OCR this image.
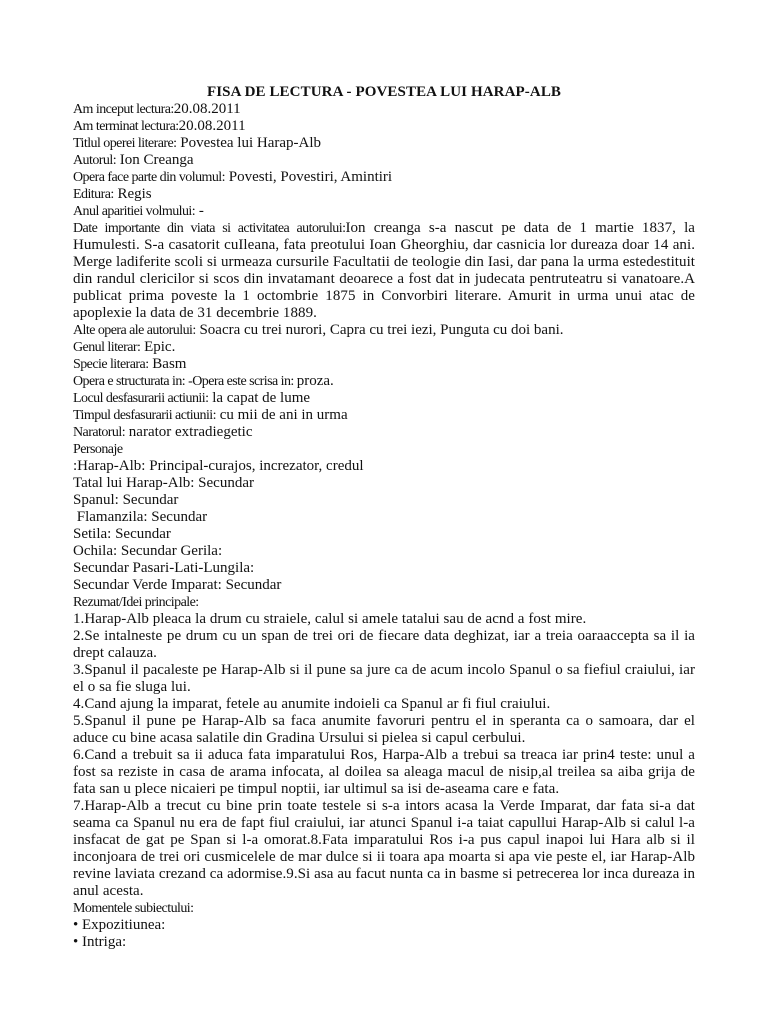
FISA DE LECTURA - POVESTEA LUI HARAP-ALB

Am inceput lectura:20.08.2011

Am terminat lectura:20.08.2011

Titlul operei literare: Povestea lui Harap-Alb

Autorul: Ion Creanga

Opera face parte din volumul: Povesti, Povestiri, Amintiri

Editura: Regis

Anul aparitiei volmului: -

Date importante din viata si activitatea autorului:Ion creanga s-a nascut pe data de 1 martie 1837, la Humulesti. S-a casatorit cuIleana, fata preotului Ioan Gheorghiu, dar casnicia lor dureaza doar 14 ani. Merge ladiferite scoli si urmeaza cursurile Facultatii de teologie din Iasi, dar pana la urma estedestituit din randul clericilor si scos din invatamant deoarece a fost dat in judecata pentruteatru si vanatoare.A publicat prima poveste la 1 octombrie 1875 in Convorbiri literare. Amurit in urma unui atac de apoplexie la data de 31 decembrie 1889.

Alte opera ale autorului: Soacra cu trei nurori, Capra cu trei iezi, Punguta cu doi bani.

Genul literar: Epic.

Specie literara: Basm

Opera e structurata in: -Opera este scrisa in: proza.

Locul desfasurarii actiunii: la capat de lume

Timpul desfasurarii actiunii: cu mii de ani in urma

Naratorul: narator extradiegetic

Personaje

:Harap-Alb: Principal-curajos, increzator, credul

Tatal lui Harap-Alb: Secundar

Spanul: Secundar

Flamanzila: Secundar

Setila: Secundar

Ochila: Secundar Gerila:

Secundar Pasari-Lati-Lungila:

Secundar Verde Imparat: Secundar

Rezumat/Idei principale:

1.Harap-Alb pleaca la drum cu straiele, calul si amele tatalui sau de acnd a fost mire.

2.Se intalneste pe drum cu un span de trei ori de fiecare data deghizat, iar a treia oaraaccepta sa il ia drept calauza.

3.Spanul il pacaleste pe Harap-Alb si il pune sa jure ca de acum incolo Spanul o sa fiefiul craiului, iar el o sa fie sluga lui.

4.Cand ajung la imparat, fetele au anumite indoieli ca Spanul ar fi fiul craiului.

5.Spanul il pune pe Harap-Alb sa faca anumite favoruri pentru el in speranta ca o samoara, dar el aduce cu bine acasa salatile din Gradina Ursului si pielea si capul cerbului.

6.Cand a trebuit sa ii aduca fata imparatului Ros, Harpa-Alb a trebui sa treaca iar prin4 teste: unul a fost sa reziste in casa de arama infocata, al doilea sa aleaga macul de nisip,al treilea sa aiba grija de fata san u plece nicaieri pe timpul noptii, iar ultimul sa isi de-aseama care e fata.

7.Harap-Alb a trecut cu bine prin toate testele si s-a intors acasa la Verde Imparat, dar fata si-a dat seama ca Spanul nu era de fapt fiul craiului, iar atunci Spanul i-a taiat capullui Harap-Alb si calul l-a insfacat de gat pe Span si l-a omorat.8.Fata imparatului Ros i-a pus capul inapoi lui Hara alb si il inconjoara de trei ori cusmicelele de mar dulce si ii toara apa moarta si apa vie peste el, iar Harap-Alb revine laviata crezand ca adormise.9.Si asa au facut nunta ca in basme si petrecerea lor inca dureaza in anul acesta.

Momentele subiectului:

• Expozitiunea:

• Intriga:
